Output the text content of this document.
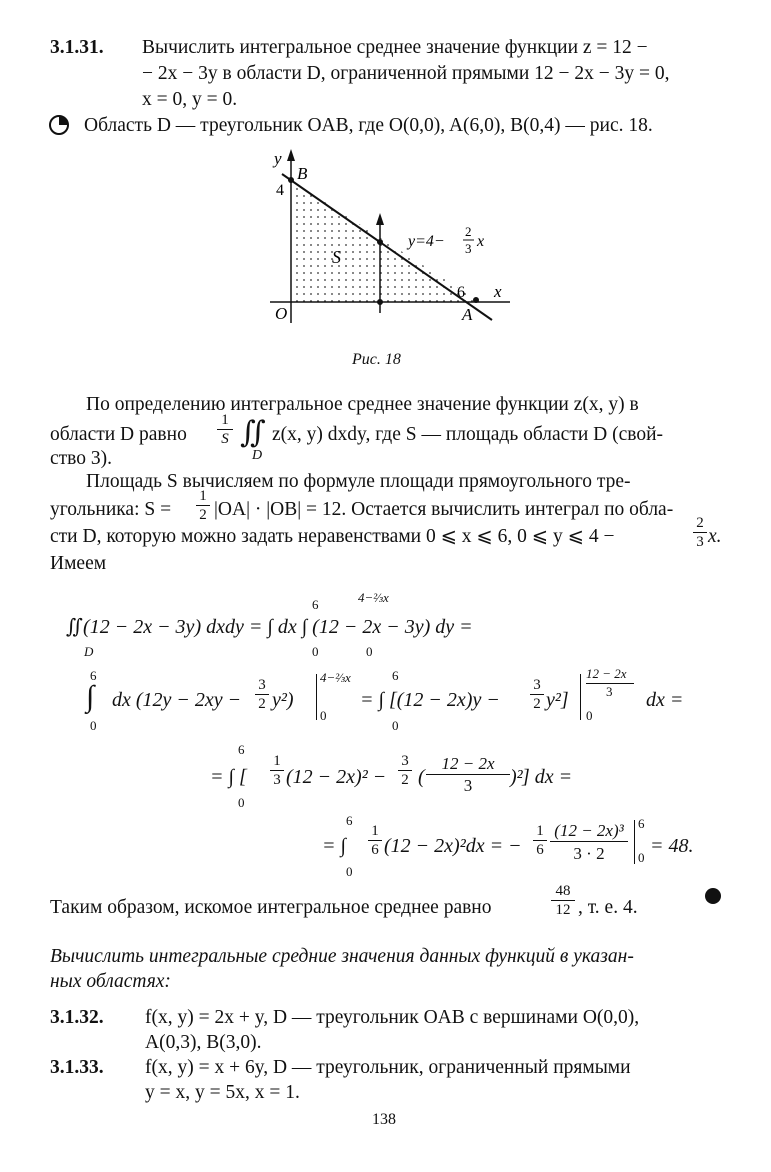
3.1.31. Вычислить интегральное среднее значение функции z = 12 −
− 2x − 3y в области D, ограниченной прямыми 12 − 2x − 3y = 0,
x = 0, y = 0.
Область D — треугольник OAB, где O(0,0), A(6,0), B(0,4) — рис. 18.
y
x
B
4
6
A
O
S
y=4−
2
3 x
Рис. 18
По определению интегральное среднее значение функции z(x, y) в
области D равно
1
S ∬
D
z(x, y) dxdy, где S — площадь области D (свой-
ство 3).
Площадь S вычисляем по формуле площади прямоугольного тре-
угольника: S =
1
2 |OA| · |OB| = 12. Остается вычислить интеграл по обла-
сти D, которую можно задать неравенствами 0 ⩽ x ⩽ 6, 0 ⩽ y ⩽ 4 −
2
3 x.
Имеем
∬(12 − 2x − 3y) dxdy = ∫ dx ∫ (12 − 2x − 3y) dy =
D
6
0
4−⅔x
0
∫
6
0
dx (12y − 2xy −
3
2 y²)
4−⅔x
0
= ∫ [(12 − 2x)y −
6
0
3
2 y²]
12 − 2x
3
0
dx =
= ∫ [
6
0
1
3 (12 − 2x)² −
3
2 (
12 − 2x
3	)² ] dx =
= ∫
6
0
1
6 (12 − 2x)²dx = −
1
6
(12 − 2x)³
3 · 2
6
0
= 48.
Таким образом, искомое интегральное среднее равно
48
12 , т. е. 4.
Вычислить интегральные средние значения данных функций в указан-
ных областях:
3.1.32. f(x, y) = 2x + y, D — треугольник OAB с вершинами O(0,0),
A(0,3), B(3,0).
3.1.33. f(x, y) = x + 6y, D — треугольник, ограниченный прямыми
y = x, y = 5x, x = 1.
138
